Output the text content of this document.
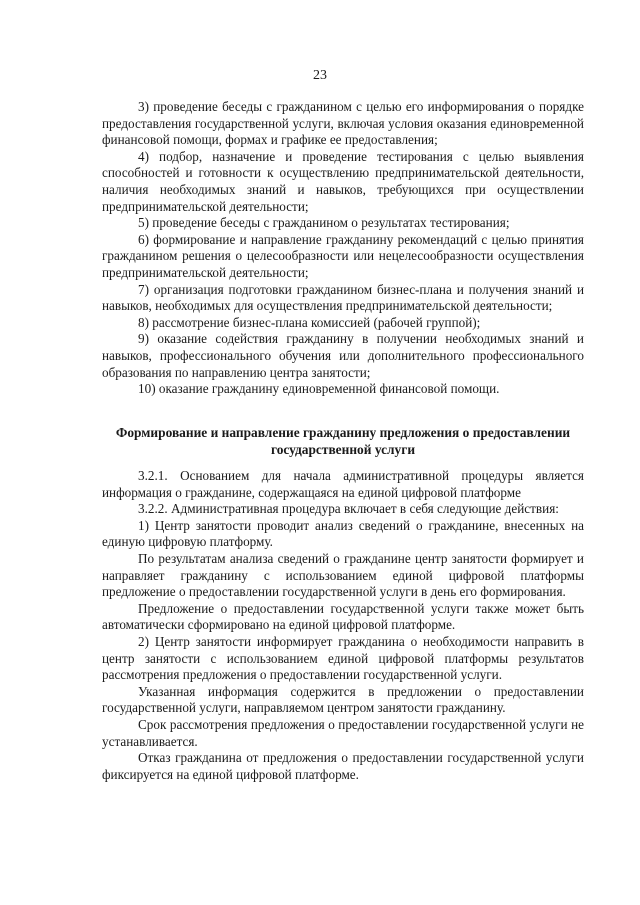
23

3) проведение беседы с гражданином с целью его информирования о порядке предоставления государственной услуги, включая условия оказания единовременной финансовой помощи, формах и графике ее предоставления;

4) подбор, назначение и проведение тестирования с целью выявления способностей и готовности к осуществлению предпринимательской деятельности, наличия необходимых знаний и навыков, требующихся при осуществлении предпринимательской деятельности;

5) проведение беседы с гражданином о результатах тестирования;

6) формирование и направление гражданину рекомендаций с целью принятия гражданином решения о целесообразности или нецелесообразности осуществления предпринимательской деятельности;

7) организация подготовки гражданином бизнес-плана и получения знаний и навыков, необходимых для осуществления предпринимательской деятельности;

8) рассмотрение бизнес-плана комиссией (рабочей группой);

9) оказание содействия гражданину в получении необходимых знаний и навыков, профессионального обучения или дополнительного профессионального образования по направлению центра занятости;

10) оказание гражданину единовременной финансовой помощи.

Формирование и направление гражданину предложения о предоставлении государственной услуги

3.2.1. Основанием для начала административной процедуры является информация о гражданине, содержащаяся на единой цифровой платформе

3.2.2. Административная процедура включает в себя следующие действия:

1) Центр занятости проводит анализ сведений о гражданине, внесенных на единую цифровую платформу.

По результатам анализа сведений о гражданине центр занятости формирует и направляет гражданину с использованием единой цифровой платформы предложение о предоставлении государственной услуги в день его формирования.

Предложение о предоставлении государственной услуги также может быть автоматически сформировано на единой цифровой платформе.

2) Центр занятости информирует гражданина о необходимости направить в центр занятости с использованием единой цифровой платформы результатов рассмотрения предложения о предоставлении государственной услуги.

Указанная информация содержится в предложении о предоставлении государственной услуги, направляемом центром занятости гражданину.

Срок рассмотрения предложения о предоставлении государственной услуги не устанавливается.

Отказ гражданина от предложения о предоставлении государственной услуги фиксируется на единой цифровой платформе.
